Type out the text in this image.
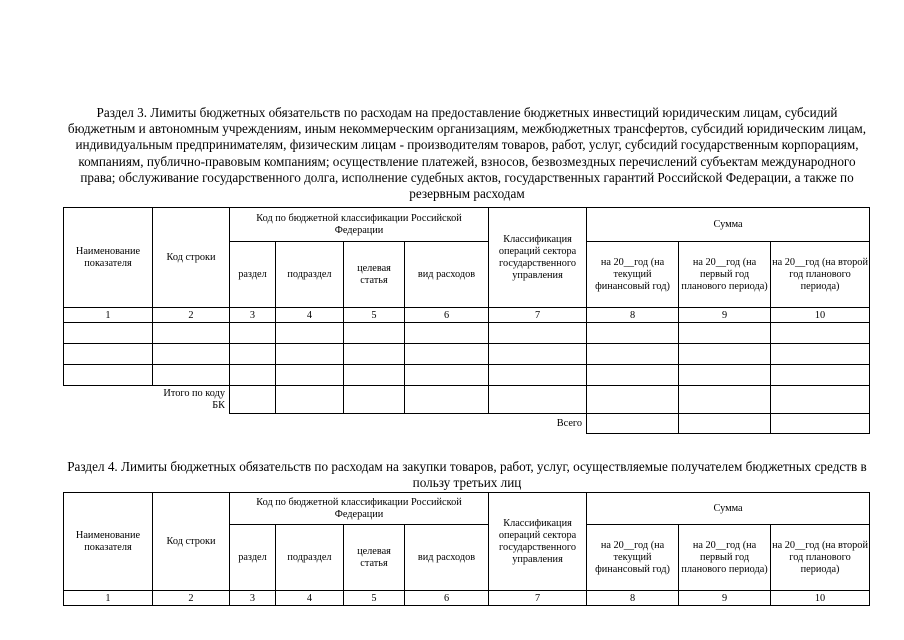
Раздел 3. Лимиты бюджетных обязательств по расходам на предоставление бюджетных инвестиций юридическим лицам, субсидий бюджетным и автономным учреждениям, иным некоммерческим организациям, межбюджетных трансфертов, субсидий юридическим лицам, индивидуальным предпринимателям, физическим лицам - производителям товаров, работ, услуг, субсидий государственным корпорациям, компаниям, публично-правовым компаниям; осуществление платежей, взносов, безвозмездных перечислений субъектам международного права; обслуживание государственного долга, исполнение судебных актов, государственных гарантий Российской Федерации, а также по резервным расходам
Наименование показателя	Код строки	Код по бюджетной классификации Российской Федерации				Классификация операций сектора государственного управления	Сумма		
		раздел	подраздел	целевая статья	вид расходов		на 20__год (на текущий финансовый год)	на 20__год (на первый год планового периода)	на 20__год (на второй год планового периода)
1	2	3	4	5	6	7	8	9	10

	Итого по коду БК								
						Всего			
Раздел 4. Лимиты бюджетных обязательств по расходам на закупки товаров, работ, услуг, осуществляемые получателем бюджетных средств в пользу третьих лиц
Наименование показателя	Код строки	Код по бюджетной классификации Российской Федерации				Классификация операций сектора государственного управления	Сумма		
		раздел	подраздел	целевая статья	вид расходов		на 20__год (на текущий финансовый год)	на 20__год (на первый год планового периода)	на 20__год (на второй год планового периода)
1	2	3	4	5	6	7	8	9	10
